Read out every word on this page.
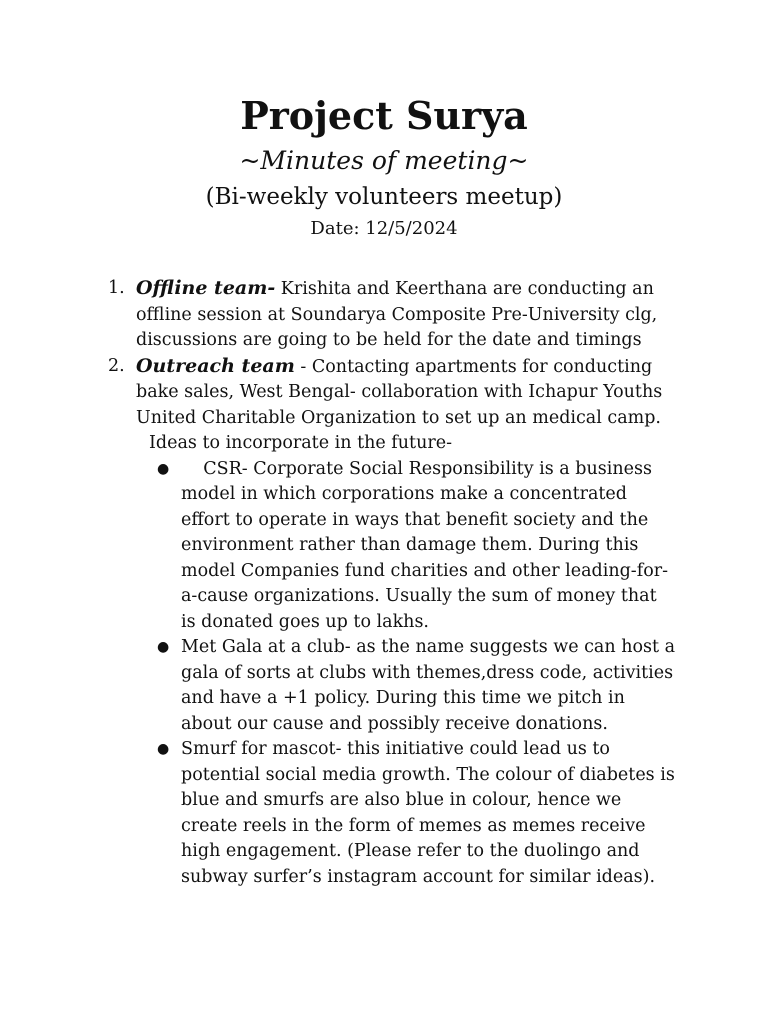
Project Surya
~Minutes of meeting~
(Bi-weekly volunteers meetup)
Date: 12/5/2024
1. Offline team- Krishita and Keerthana are conducting an offline session at Soundarya Composite Pre-University clg, discussions are going to be held for the date and timings
2. Outreach team - Contacting apartments for conducting bake sales, West Bengal- collaboration with Ichapur Youths United Charitable Organization to set up an medical camp.
Ideas to incorporate in the future-
● CSR- Corporate Social Responsibility is a business model in which corporations make a concentrated effort to operate in ways that benefit society and the environment rather than damage them. During this model Companies fund charities and other leading-for-a-cause organizations. Usually the sum of money that is donated goes up to lakhs.
● Met Gala at a club- as the name suggests we can host a gala of sorts at clubs with themes,dress code, activities and have a +1 policy. During this time we pitch in about our cause and possibly receive donations.
● Smurf for mascot- this initiative could lead us to potential social media growth. The colour of diabetes is blue and smurfs are also blue in colour, hence we create reels in the form of memes as memes receive high engagement. (Please refer to the duolingo and subway surfer’s instagram account for similar ideas).
